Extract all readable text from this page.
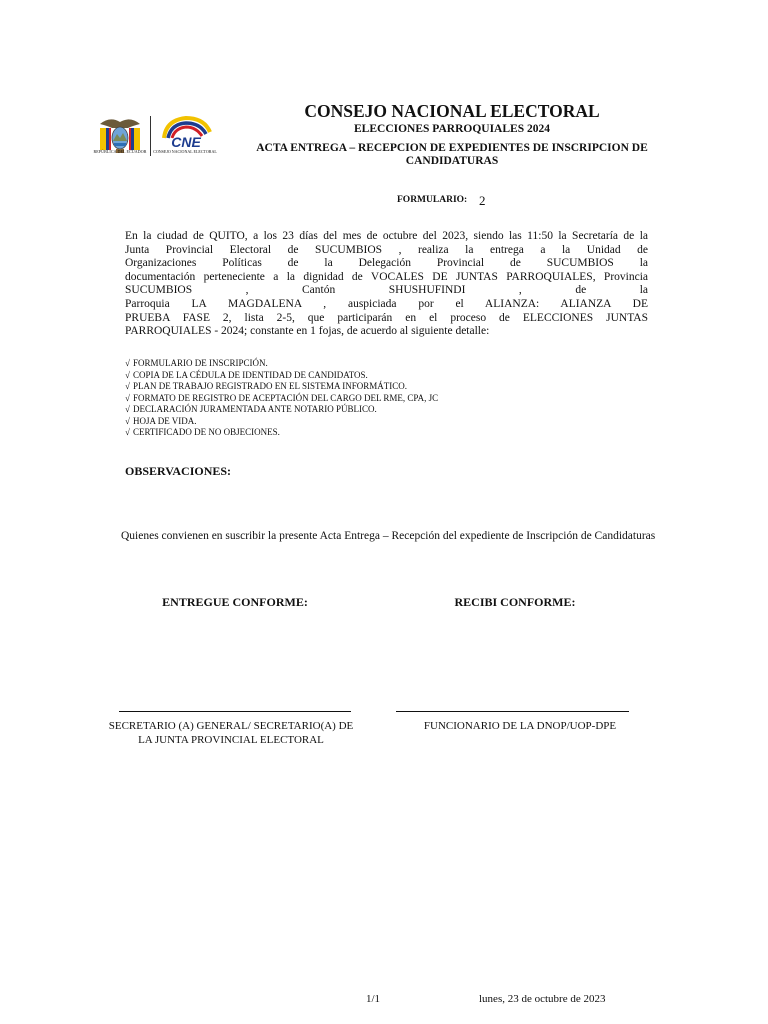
REPÚBLICA DEL ECUADOR
CNE
CONSEJO NACIONAL ELECTORAL
CONSEJO NACIONAL ELECTORAL
ELECCIONES PARROQUIALES 2024
ACTA ENTREGA – RECEPCION DE EXPEDIENTES DE INSCRIPCION DE
CANDIDATURAS
FORMULARIO: 2
En la ciudad de QUITO, a los 23 días del mes de octubre del 2023, siendo las 11:50 la Secretaría de la
Junta Provincial Electoral de SUCUMBIOS , realiza la entrega a la Unidad de
Organizaciones Políticas de la Delegación Provincial de SUCUMBIOS la
documentación perteneciente a la dignidad de VOCALES DE JUNTAS PARROQUIALES, Provincia
SUCUMBIOS , Cantón SHUSHUFINDI , de la
Parroquia LA MAGDALENA , auspiciada por el ALIANZA: ALIANZA DE
PRUEBA FASE 2, lista 2-5, que participarán en el proceso de ELECCIONES JUNTAS
PARROQUIALES - 2024; constante en 1 fojas, de acuerdo al siguiente detalle:
√ FORMULARIO DE INSCRIPCIÓN.
√ COPIA DE LA CÉDULA DE IDENTIDAD DE CANDIDATOS.
√ PLAN DE TRABAJO REGISTRADO EN EL SISTEMA INFORMÁTICO.
√ FORMATO DE REGISTRO DE ACEPTACIÓN DEL CARGO DEL RME, CPA, JC
√ DECLARACIÓN JURAMENTADA ANTE NOTARIO PÚBLICO.
√ HOJA DE VIDA.
√ CERTIFICADO DE NO OBJECIONES.
OBSERVACIONES:
Quienes convienen en suscribir la presente Acta Entrega – Recepción del expediente de Inscripción de Candidaturas
ENTREGUE CONFORME:	RECIBI CONFORME:
SECRETARIO (A) GENERAL/ SECRETARIO(A) DE
LA JUNTA PROVINCIAL ELECTORAL
FUNCIONARIO DE LA DNOP/UOP-DPE
1/1	lunes, 23 de octubre de 2023
